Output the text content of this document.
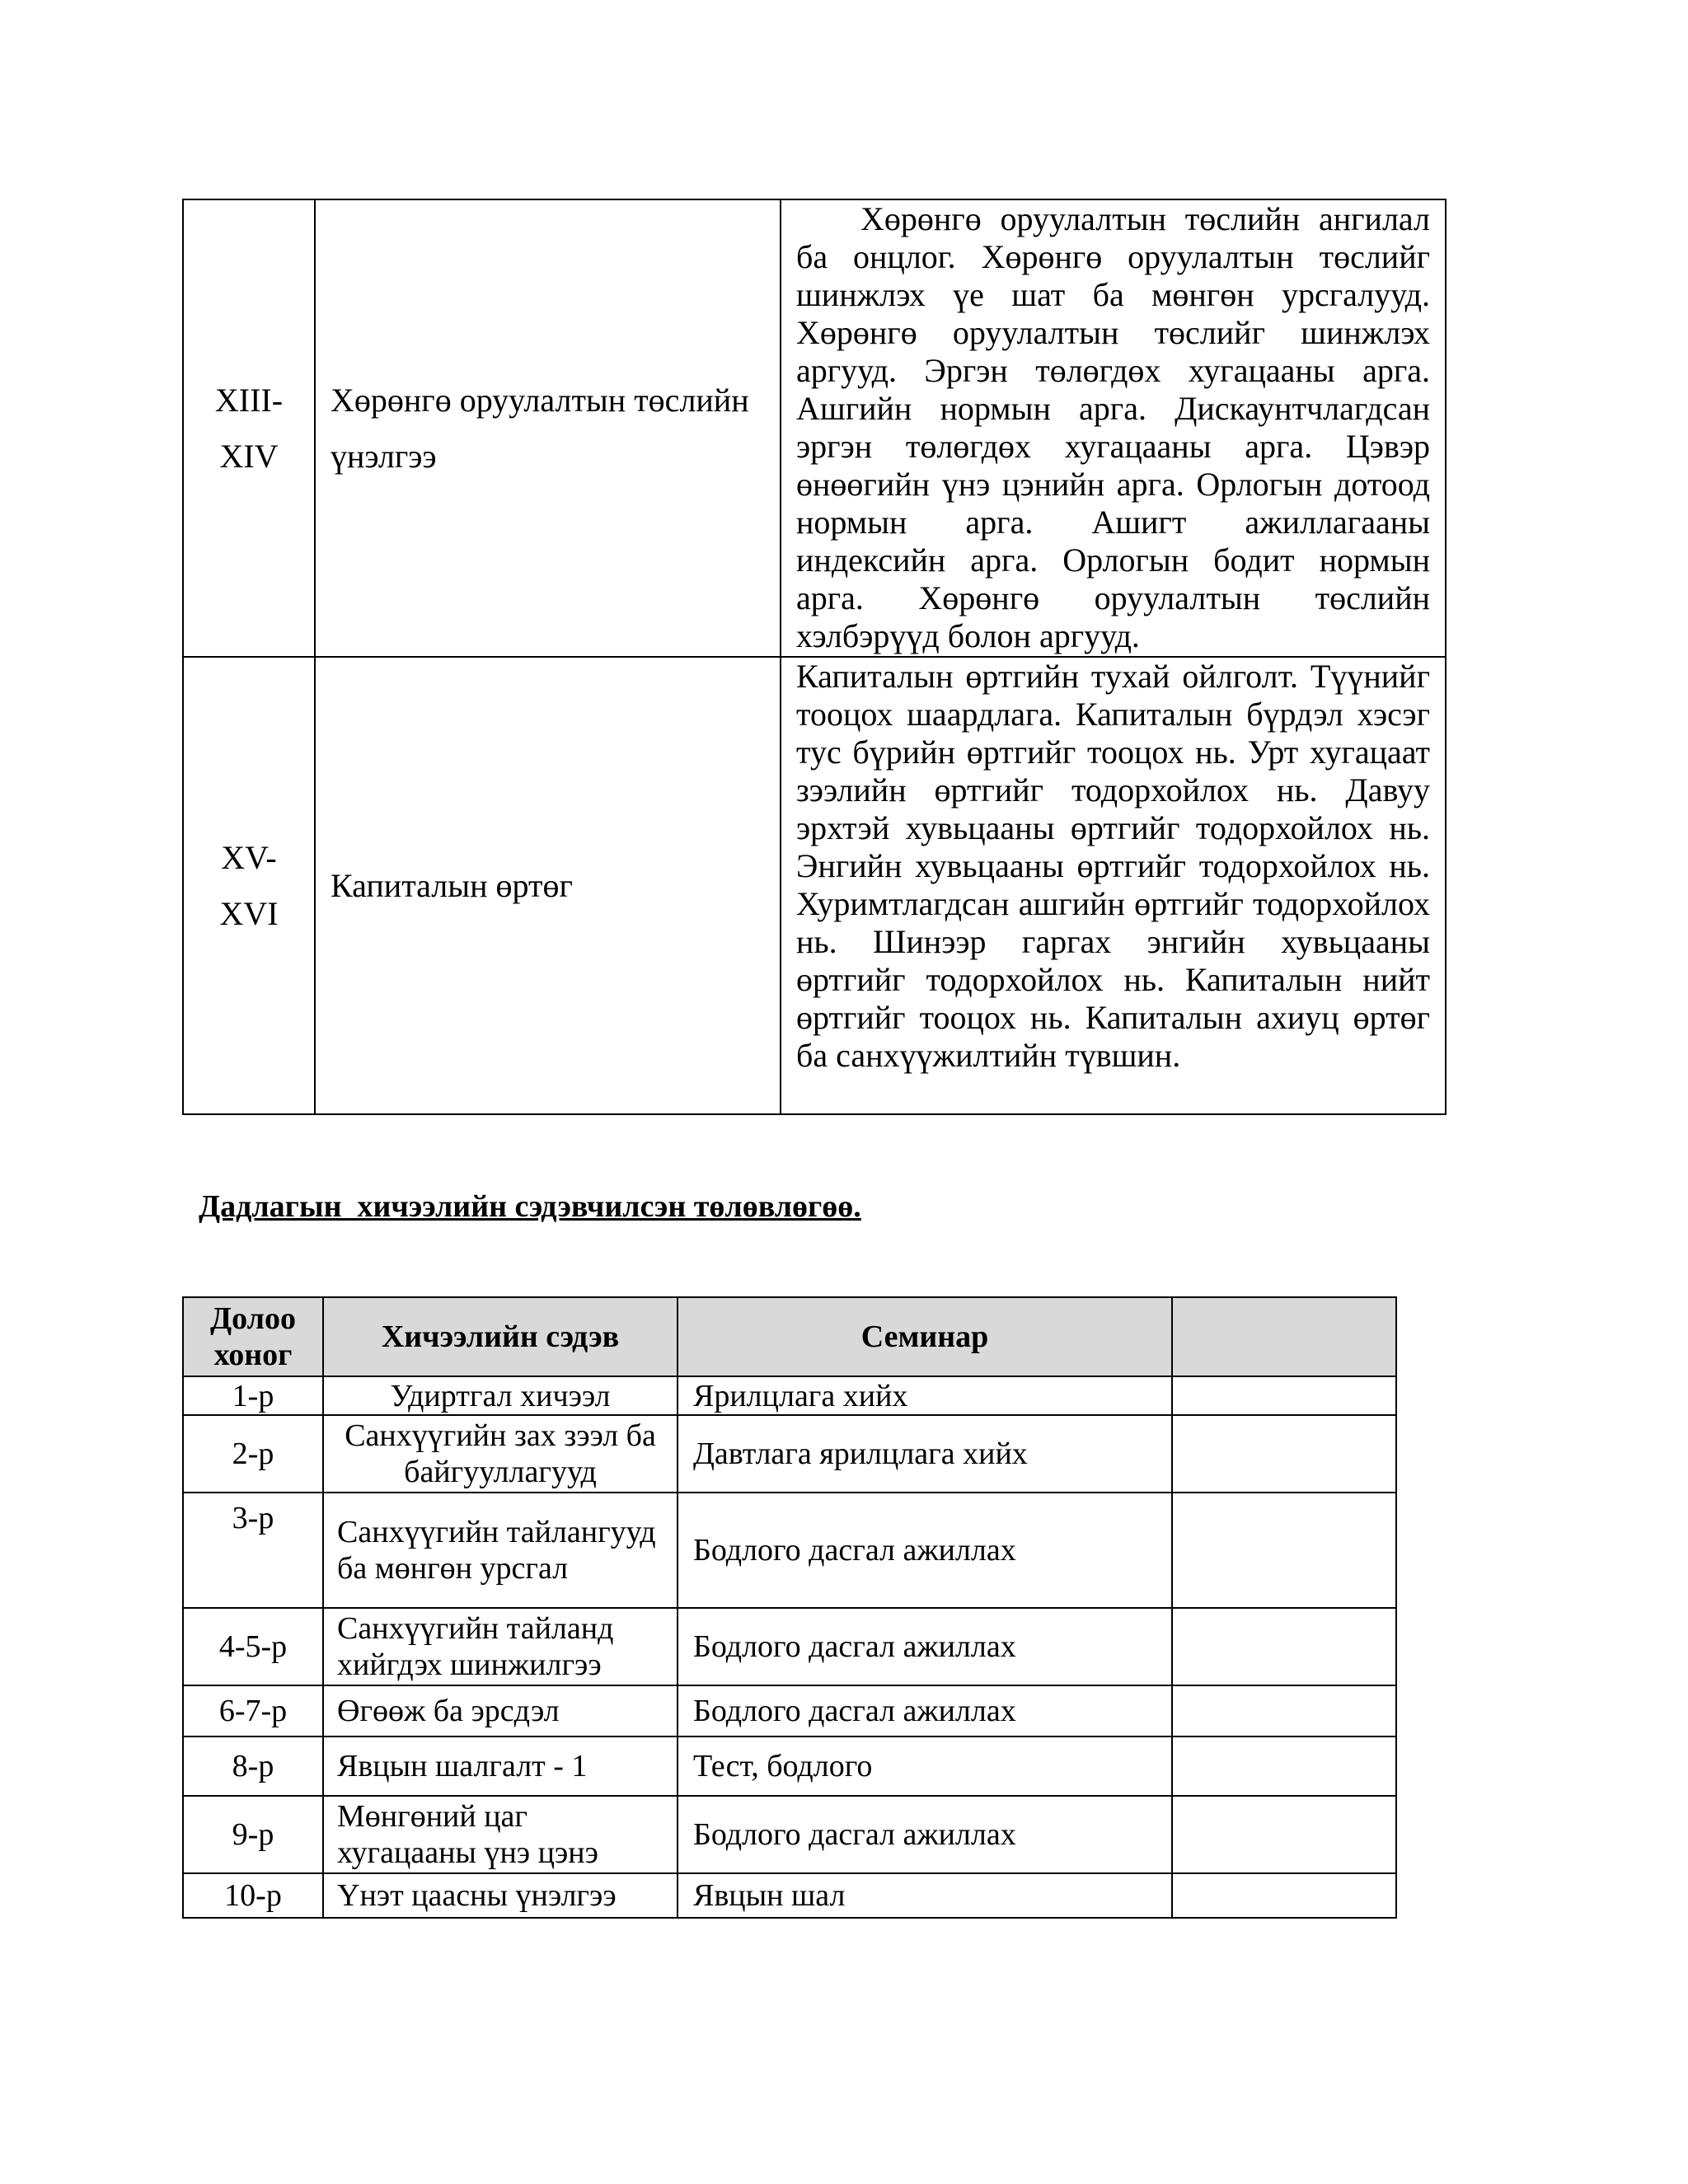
XIII-
XIV	Хөрөнгө оруулалтын төслийн үнэлгээ	Хөрөнгө оруулалтын төслийн ангилал ба онцлог. Хөрөнгө оруулалтын төслийг шинжлэх үе шат ба мөнгөн урсгалууд. Хөрөнгө оруулалтын төслийг шинжлэх аргууд. Эргэн төлөгдөх хугацааны арга. Ашгийн нормын арга. Дискаунтчлагдсан эргэн төлөгдөх хугацааны арга. Цэвэр өнөөгийн үнэ цэнийн арга. Орлогын дотоод нормын арга. Ашигт ажиллагааны индексийн арга. Орлогын бодит нормын арга. Хөрөнгө оруулалтын төслийн хэлбэрүүд болон аргууд.
XV-
XVI	Капиталын өртөг	Капиталын өртгийн тухай ойлголт. Түүнийг тооцох шаардлага. Капиталын бүрдэл хэсэг тус бүрийн өртгийг тооцох нь. Урт хугацаат зээлийн өртгийг тодорхойлох нь. Давуу эрхтэй хувьцааны өртгийг тодорхойлох нь. Энгийн хувьцааны өртгийг тодорхойлох нь. Хуримтлагдсан ашгийн өртгийг тодорхойлох нь. Шинээр гаргах энгийн хувьцааны өртгийг тодорхойлох нь. Капиталын нийт өртгийг тооцох нь. Капиталын ахиуц өртөг ба санхүүжилтийн түвшин.

Дадлагын  хичээлийн сэдэвчилсэн төлөвлөгөө.

Долоо
хоног	Хичээлийн сэдэв	Семинар	
1-р	Удиртгал хичээл	Ярилцлага хийх	
2-р	Санхүүгийн зах зээл ба байгууллагууд	Давтлага ярилцлага хийх	
3-р	Санхүүгийн тайлангууд ба мөнгөн урсгал	Бодлого дасгал ажиллах	
4-5-р	Санхүүгийн тайланд хийгдэх шинжилгээ	Бодлого дасгал ажиллах	
6-7-р	Өгөөж ба эрсдэл	Бодлого дасгал ажиллах	
8-р	Явцын шалгалт - 1	Тест, бодлого	
9-р	Мөнгөний цаг хугацааны үнэ цэнэ	Бодлого дасгал ажиллах	
10-р	Үнэт цаасны үнэлгээ	Явцын шал	
